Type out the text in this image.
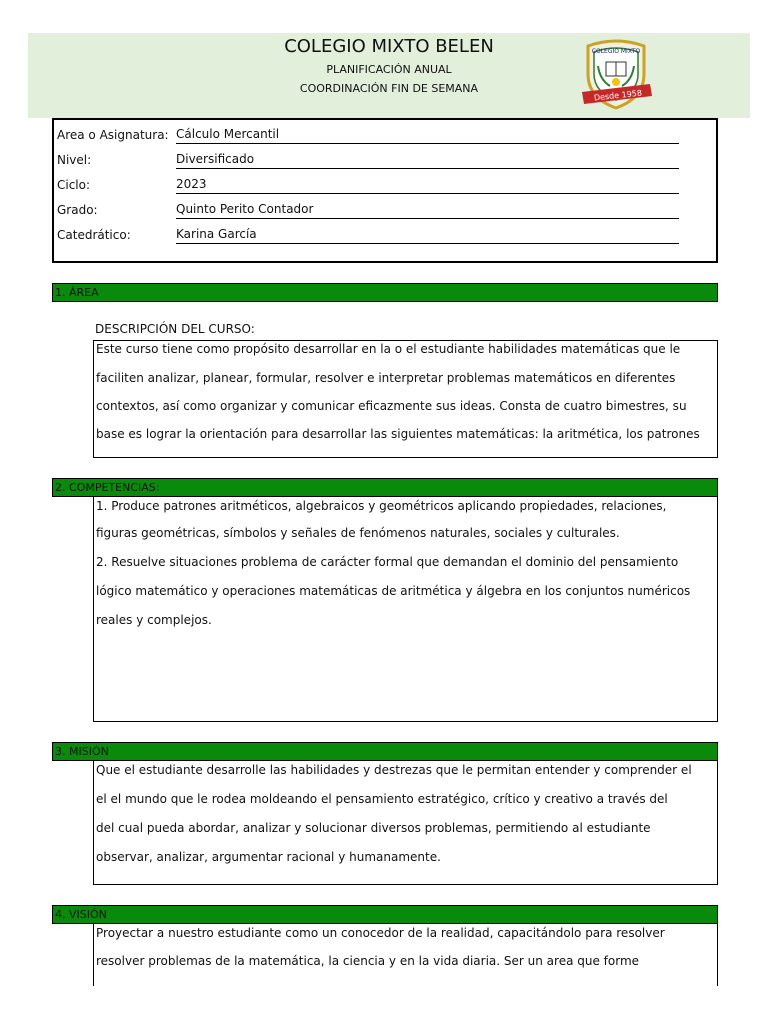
COLEGIO MIXTO BELEN
PLANIFICACIÓN ANUAL
COORDINACIÓN FIN DE SEMANA
COLEGIO MIXTO
Desde 1958
Area o Asignatura: Cálculo Mercantil
Nivel:	Diversificado
Ciclo:	2023
Grado:	Quinto Perito Contador
Catedrático:	Karina García
1. ÁREA
DESCRIPCIÓN DEL CURSO:
Este curso tiene como propósito desarrollar en la o el estudiante habilidades matemáticas que le
faciliten analizar, planear, formular, resolver e interpretar problemas matemáticos en diferentes
contextos, así como organizar y comunicar eficazmente sus ideas. Consta de cuatro bimestres, su
base es lograr la orientación para desarrollar las siguientes matemáticas: la aritmética, los patrones
2. COMPETENCIAS:
1. Produce patrones aritméticos, algebraicos y geométricos aplicando propiedades, relaciones,
figuras geométricas, símbolos y señales de fenómenos naturales, sociales y culturales.
2. Resuelve situaciones problema de carácter formal que demandan el dominio del pensamiento
lógico matemático y operaciones matemáticas de aritmética y álgebra en los conjuntos numéricos
reales y complejos.
3. MISIÓN
Que el estudiante desarrolle las habilidades y destrezas que le permitan entender y comprender el
el el mundo que le rodea moldeando el pensamiento estratégico, crítico y creativo a través del
del cual pueda abordar, analizar y solucionar diversos problemas, permitiendo al estudiante
observar, analizar, argumentar racional y humanamente.
4. VISIÓN
Proyectar a nuestro estudiante como un conocedor de la realidad, capacitándolo para resolver
resolver problemas de la matemática, la ciencia y en la vida diaria. Ser un area que forme
